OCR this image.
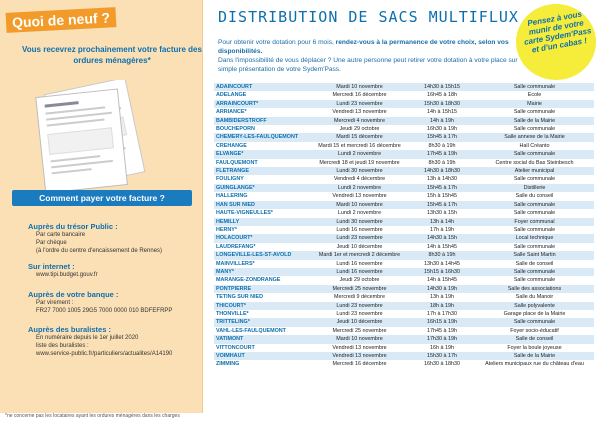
Quoi de neuf ?
Vous recevrez prochainement votre facture des ordures ménagères*
Comment payer votre facture ?
Auprès du trésor Public :
Par carte bancaire
Par chèque
(à l'ordre du centre d'encaissement de Rennes)
Sur internet :
www.tipi.budget.gouv.fr
Auprès de votre banque :
Par virement :
FR27 7000 1005 29G5 7000 0000 010 BDFEFRPP
Auprès des buralistes :
En numéraire depuis le 1er juillet 2020
liste des buralistes :
www.service-public.fr/particuliers/actualites/A14190
*ne concerne pas les locataires ayant les ordures ménagères dans les charges
DISTRIBUTION DE SACS MULTIFLUX
Pour obtenir votre dotation pour 6 mois, rendez-vous à la permanence de votre choix, selon vos disponibilités.
Dans l'impossibilité de vous déplacer ? Une autre personne peut retirer votre dotation à votre place sur simple présentation de votre Sydem'Pass.
Pensez à vous munir de votre carte Sydem'Pass et d'un cabas !
ADAINCOURT	Mardi 10 novembre	14h30 à 15h15	Salle communale
ADELANGE	Mercredi 16 décembre	16h45 à 18h	Ecole
ARRAINCOURT*	Lundi 23 novembre	15h30 à 18h30	Mairie
ARRIANCE*	Vendredi 13 novembre	14h à 15h15	Salle communale
BAMBIDERSTROFF	Mercredi 4 novembre	14h à 19h	Salle de la Mairie
BOUCHEPORN	Jeudi 29 octobre	16h30 à 19h	Salle communale
CHEMERY-LES-FAULQUEMONT	Mardi 15 décembre	15h45 à 17h	Salle annexe de la Mairie
CREHANGE	Mardi 15 et mercredi 16 décembre	8h30 à 19h	Hall Créanto
ELVANGE*	Lundi 2 novembre	17h45 à 19h	Salle communale
FAULQUEMONT	Mercredi 18 et jeudi 19 novembre	8h30 à 19h	Centre social du Bas Steinbesch
FLETRANGE	Lundi 30 novembre	14h30 à 18h30	Atelier municipal
FOULIGNY	Vendredi 4 décembre	13h à 14h30	Salle communale
GUINGLANGE*	Lundi 2 novembre	15h45 à 17h	Distillerie
HALLERING	Vendredi 13 novembre	15h à 15h45	Salle du conseil
HAN SUR NIED	Mardi 10 novembre	15h45 à 17h	Salle communale
HAUTE-VIGNEULLES*	Lundi 2 novembre	13h30 à 15h	Salle communale
HEMILLY	Lundi 30 novembre	13h à 14h	Foyer communal
HERNY*	Lundi 16 novembre	17h à 19h	Salle communale
HOLACOURT*	Lundi 23 novembre	14h30 à 15h	Local technique
LAUDREFANG*	Jeudi 10 décembre	14h à 15h45	Salle communale
LONGEVILLE-LES-ST-AVOLD	Mardi 1er et mercredi 2 décembre	8h30 à 19h	Salle Saint Martin
MAINVILLERS*	Lundi 16 novembre	13h30 à 14h45	Salle de conseil
MANY*	Lundi 16 novembre	15h15 à 16h30	Salle communale
MARANGE-ZONDRANGE	Jeudi 29 octobre	14h à 15h45	Salle communale
PONTPIERRE	Mercredi 25 novembre	14h30 à 19h	Salle des associations
TETING SUR NIED	Mercredi 9 décembre	13h à 19h	Salle du Manoir
THICOURT*	Lundi 23 novembre	18h à 19h	Salle polyvalente
THONVILLE*	Lundi 23 novembre	17h à 17h30	Garage place de la Mairie
TRITTELING*	Jeudi 10 décembre	16h15 à 19h	Salle communale
VAHL-LES-FAULQUEMONT	Mercredi 25 novembre	17h45 à 19h	Foyer socio-éducatif
VATIMONT	Mardi 10 novembre	17h30 à 19h	Salle de conseil
VITTONCOURT	Vendredi 13 novembre	16h à 19h	Foyer la boule joyeuse
VOIMHAUT	Vendredi 13 novembre	15h30 à 17h	Salle de la Mairie
ZIMMING	Mercredi 16 décembre	16h30 à 18h30	Ateliers municipaux rue du château d'eau
